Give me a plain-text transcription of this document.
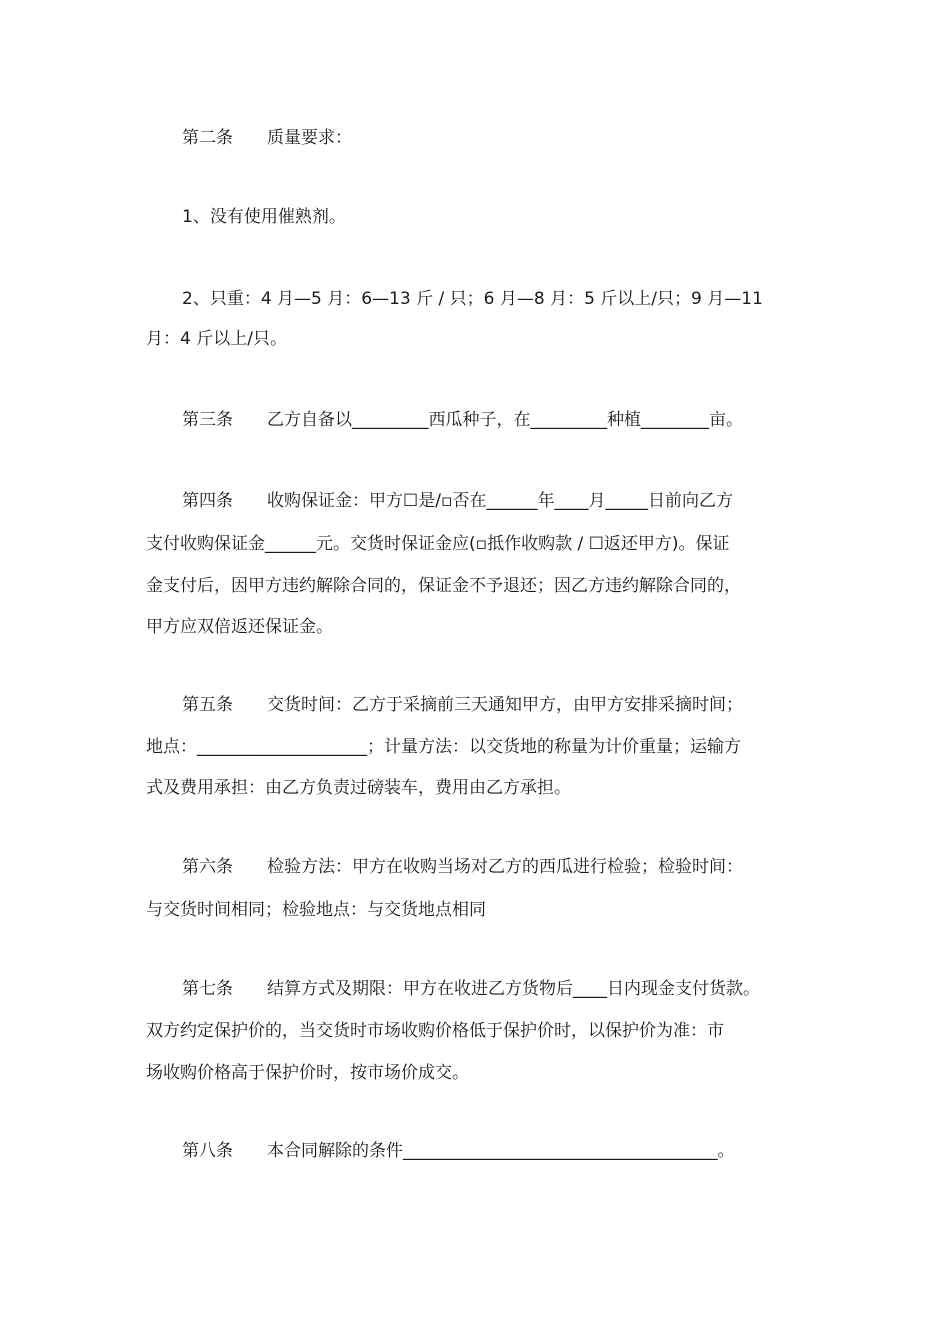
第二条　　质量要求：
1、没有使用催熟剂。
2、只重：4 月—5 月：6—13 斤 / 只；6 月—8 月：5 斤以上/只；9 月—11
月：4 斤以上/只。
第三条　　乙方自备以_________西瓜种子，在_________种植________亩。
第四条　　收购保证金：甲方☐是/▫否在______年____月_____日前向乙方
支付收购保证金______元。交货时保证金应(▫抵作收购款 / ☐返还甲方)。保证
金支付后，因甲方违约解除合同的，保证金不予退还；因乙方违约解除合同的，
甲方应双倍返还保证金。
第五条　　交货时间：乙方于采摘前三天通知甲方，由甲方安排采摘时间；
地点：____________________；计量方法：以交货地的称量为计价重量；运输方
式及费用承担：由乙方负责过磅装车，费用由乙方承担。
第六条　　检验方法：甲方在收购当场对乙方的西瓜进行检验；检验时间：
与交货时间相同；检验地点：与交货地点相同
第七条　　结算方式及期限：甲方在收进乙方货物后____日内现金支付货款。
双方约定保护价的，当交货时市场收购价格低于保护价时，以保护价为准：市
场收购价格高于保护价时，按市场价成交。
第八条　　本合同解除的条件_____________________________________。
